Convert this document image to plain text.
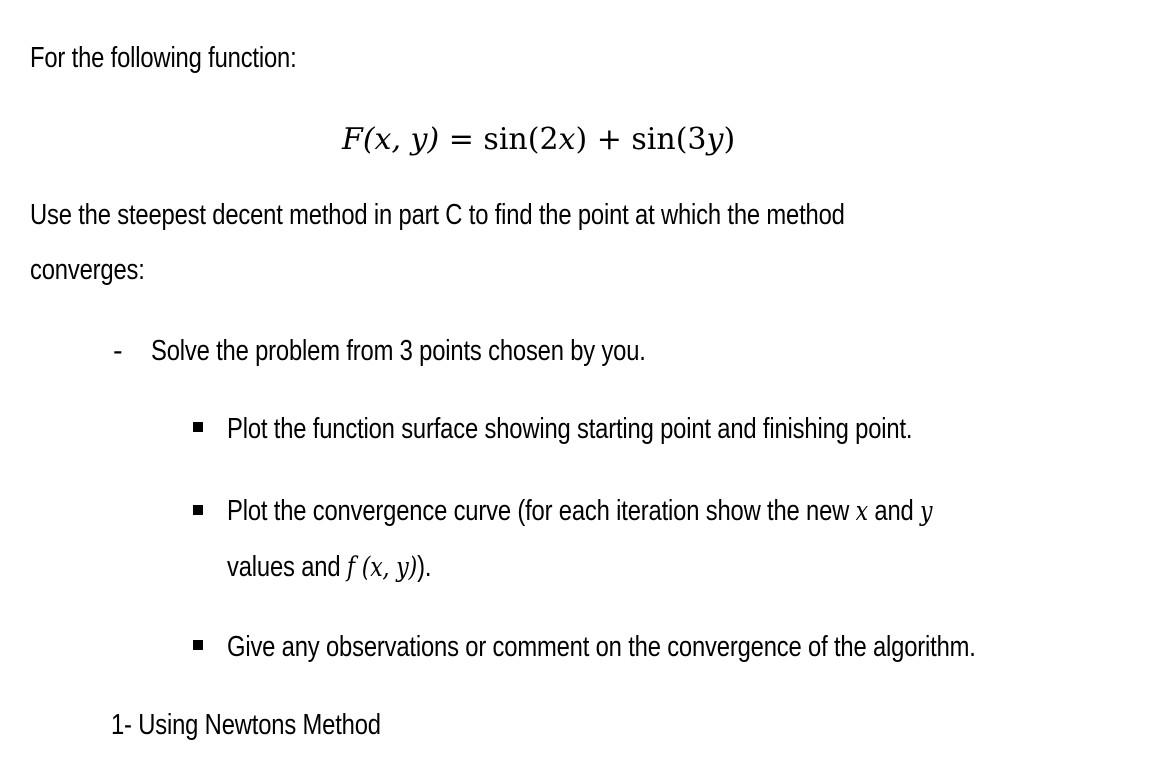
For the following function:
F(x, y) = sin(2x) + sin(3y)
Use the steepest decent method in part C to find the point at which the method
converges:
- Solve the problem from 3 points chosen by you.
Plot the function surface showing starting point and finishing point.
Plot the convergence curve (for each iteration show the new x and y
values and f (x, y)).
Give any observations or comment on the convergence of the algorithm.
1- Using Newtons Method
